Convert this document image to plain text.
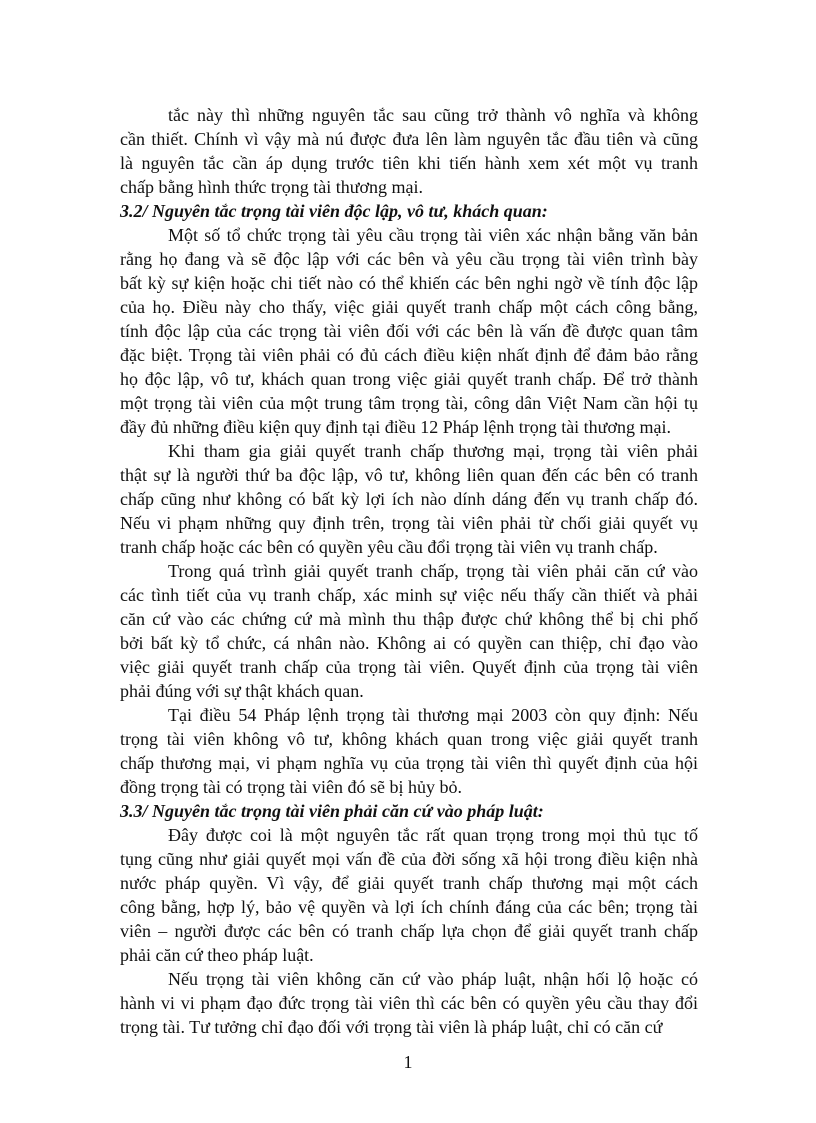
tắc này thì những nguyên tắc sau cũng trở thành vô nghĩa và không
cần thiết. Chính vì vậy mà nú được đưa lên làm nguyên tắc đầu tiên và cũng
là nguyên tắc cần áp dụng trước tiên khi tiến hành xem xét một vụ tranh
chấp bằng hình thức trọng tài thương mại.
3.2/ Nguyên tắc trọng tài viên độc lập, vô tư, khách quan:
Một số tổ chức trọng tài yêu cầu trọng tài viên xác nhận bằng văn bản
rằng họ đang và sẽ độc lập với các bên và yêu cầu trọng tài viên trình bày
bất kỳ sự kiện hoặc chi tiết nào có thể khiến các bên nghi ngờ về tính độc lập
của họ. Điều này cho thấy, việc giải quyết tranh chấp một cách công bằng,
tính độc lập của các trọng tài viên đối với các bên là vấn đề được quan tâm
đặc biệt. Trọng tài viên phải có đủ cách điều kiện nhất định để đảm bảo rằng
họ độc lập, vô tư, khách quan trong việc giải quyết tranh chấp. Để trở thành
một trọng tài viên của một trung tâm trọng tài, công dân Việt Nam cần hội tụ
đầy đủ những điều kiện quy định tại điều 12 Pháp lệnh trọng tài thương mại.
Khi tham gia giải quyết tranh chấp thương mại, trọng tài viên phải
thật sự là người thứ ba độc lập, vô tư, không liên quan đến các bên có tranh
chấp cũng như không có bất kỳ lợi ích nào dính dáng đến vụ tranh chấp đó.
Nếu vi phạm những quy định trên, trọng tài viên phải từ chối giải quyết vụ
tranh chấp hoặc các bên có quyền yêu cầu đổi trọng tài viên vụ tranh chấp.
Trong quá trình giải quyết tranh chấp, trọng tài viên phải căn cứ vào
các tình tiết của vụ tranh chấp, xác minh sự việc nếu thấy cần thiết và phải
căn cứ vào các chứng cứ mà mình thu thập được chứ không thể bị chi phố
bởi bất kỳ tổ chức, cá nhân nào. Không ai có quyền can thiệp, chỉ đạo vào
việc giải quyết tranh chấp của trọng tài viên. Quyết định của trọng tài viên
phải đúng với sự thật khách quan.
Tại điều 54 Pháp lệnh trọng tài thương mại 2003 còn quy định: Nếu
trọng tài viên không vô tư, không khách quan trong việc giải quyết tranh
chấp thương mại, vi phạm nghĩa vụ của trọng tài viên thì quyết định của hội
đồng trọng tài có trọng tài viên đó sẽ bị hủy bỏ.
3.3/ Nguyên tắc trọng tài viên phải căn cứ vào pháp luật:
Đây được coi là một nguyên tắc rất quan trọng trong mọi thủ tục tố
tụng cũng như giải quyết mọi vấn đề của đời sống xã hội trong điều kiện nhà
nước pháp quyền. Vì vậy, để giải quyết tranh chấp thương mại một cách
công bằng, hợp lý, bảo vệ quyền và lợi ích chính đáng của các bên; trọng tài
viên – người được các bên có tranh chấp lựa chọn để giải quyết tranh chấp
phải căn cứ theo pháp luật.
Nếu trọng tài viên không căn cứ vào pháp luật, nhận hối lộ hoặc có
hành vi vi phạm đạo đức trọng tài viên thì các bên có quyền yêu cầu thay đổi
trọng tài. Tư tưởng chỉ đạo đối với trọng tài viên là pháp luật, chỉ có căn cứ
1
